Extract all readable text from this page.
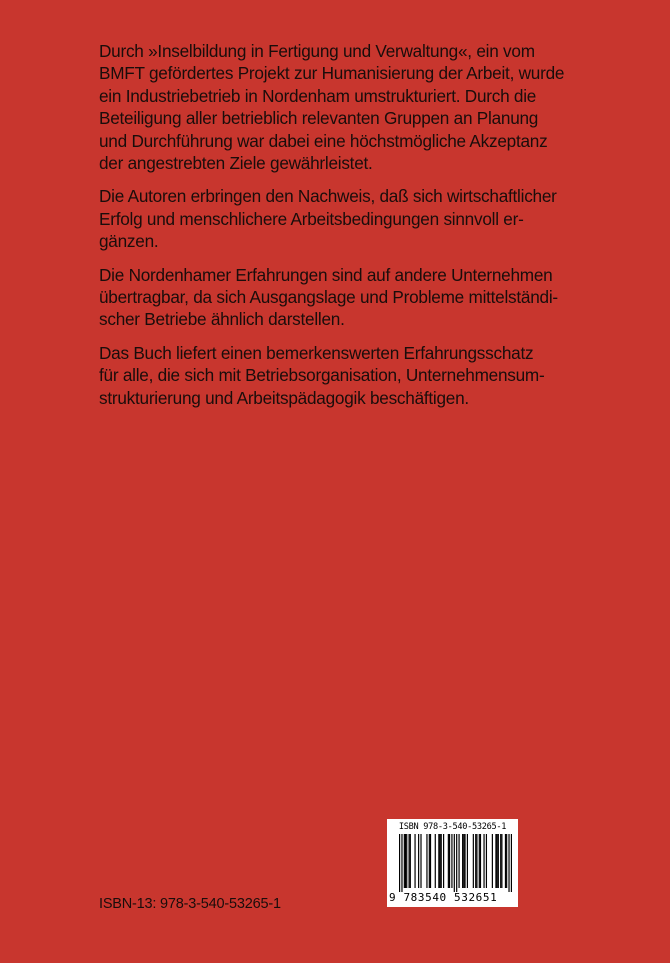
Durch »Inselbildung in Fertigung und Verwaltung«, ein vom
BMFT gefördertes Projekt zur Humanisierung der Arbeit, wurde
ein Industriebetrieb in Nordenham umstrukturiert. Durch die
Beteiligung aller betrieblich relevanten Gruppen an Planung
und Durchführung war dabei eine höchstmögliche Akzeptanz
der angestrebten Ziele gewährleistet.

Die Autoren erbringen den Nachweis, daß sich wirtschaftlicher
Erfolg und menschlichere Arbeitsbedingungen sinnvoll er-
gänzen.

Die Nordenhamer Erfahrungen sind auf andere Unternehmen
übertragbar, da sich Ausgangslage und Probleme mittelständi-
scher Betriebe ähnlich darstellen.

Das Buch liefert einen bemerkenswerten Erfahrungsschatz
für alle, die sich mit Betriebsorganisation, Unternehmensum-
strukturierung und Arbeitspädagogik beschäftigen.

ISBN-13: 978-3-540-53265-1
ISBN 978-3-540-53265-1
9 783540 532651
